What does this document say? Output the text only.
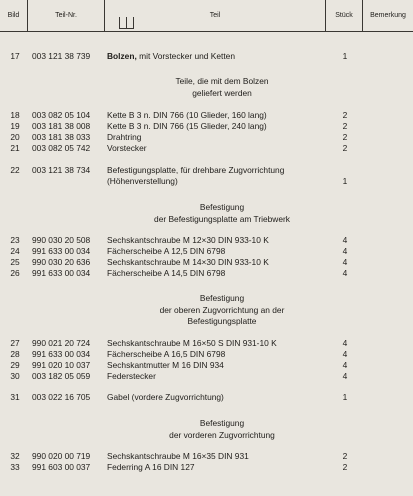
Bild	Teil-Nr.	Teil	Stück	Bemerkung
17	003 121 38 739 Bolzen, mit Vorstecker und Ketten	1
Teile, die mit dem Bolzen
geliefert werden
18	003 082 05 104 Kette B 3 n. DIN 766 (10 Glieder, 160 lang)	2
19	003 181 38 008 Kette B 3 n. DIN 766 (15 Glieder, 240 lang)	2
20	003 181 38 033 Drahtring	2
21	003 082 05 742 Vorstecker	2
22	003 121 38 734 Befestigungsplatte, für drehbare Zugvorrichtung
(Höhenverstellung)	1
Befestigung
der Befestigungsplatte am Triebwerk
23	990 030 20 508 Sechskantschraube M 12×30 DIN 933-10 K	4
24	991 633 00 034 Fächerscheibe A 12,5 DIN 6798	4
25	990 030 20 636 Sechskantschraube M 14×30 DIN 933-10 K	4
26	991 633 00 034 Fächerscheibe A 14,5 DIN 6798	4
Befestigung
der oberen Zugvorrichtung an der
Befestigungsplatte
27	990 021 20 724 Sechskantschraube M 16×50 S DIN 931-10 K	4
28	991 633 00 034 Fächerscheibe A 16,5 DIN 6798	4
29	991 020 10 037 Sechskantmutter M 16 DIN 934	4
30	003 182 05 059 Federstecker	4
31	003 022 16 705 Gabel (vordere Zugvorrichtung)	1
Befestigung
der vorderen Zugvorrichtung
32	990 020 00 719 Sechskantschraube M 16×35 DIN 931	2
33	991 603 00 037 Federring A 16 DIN 127	2
